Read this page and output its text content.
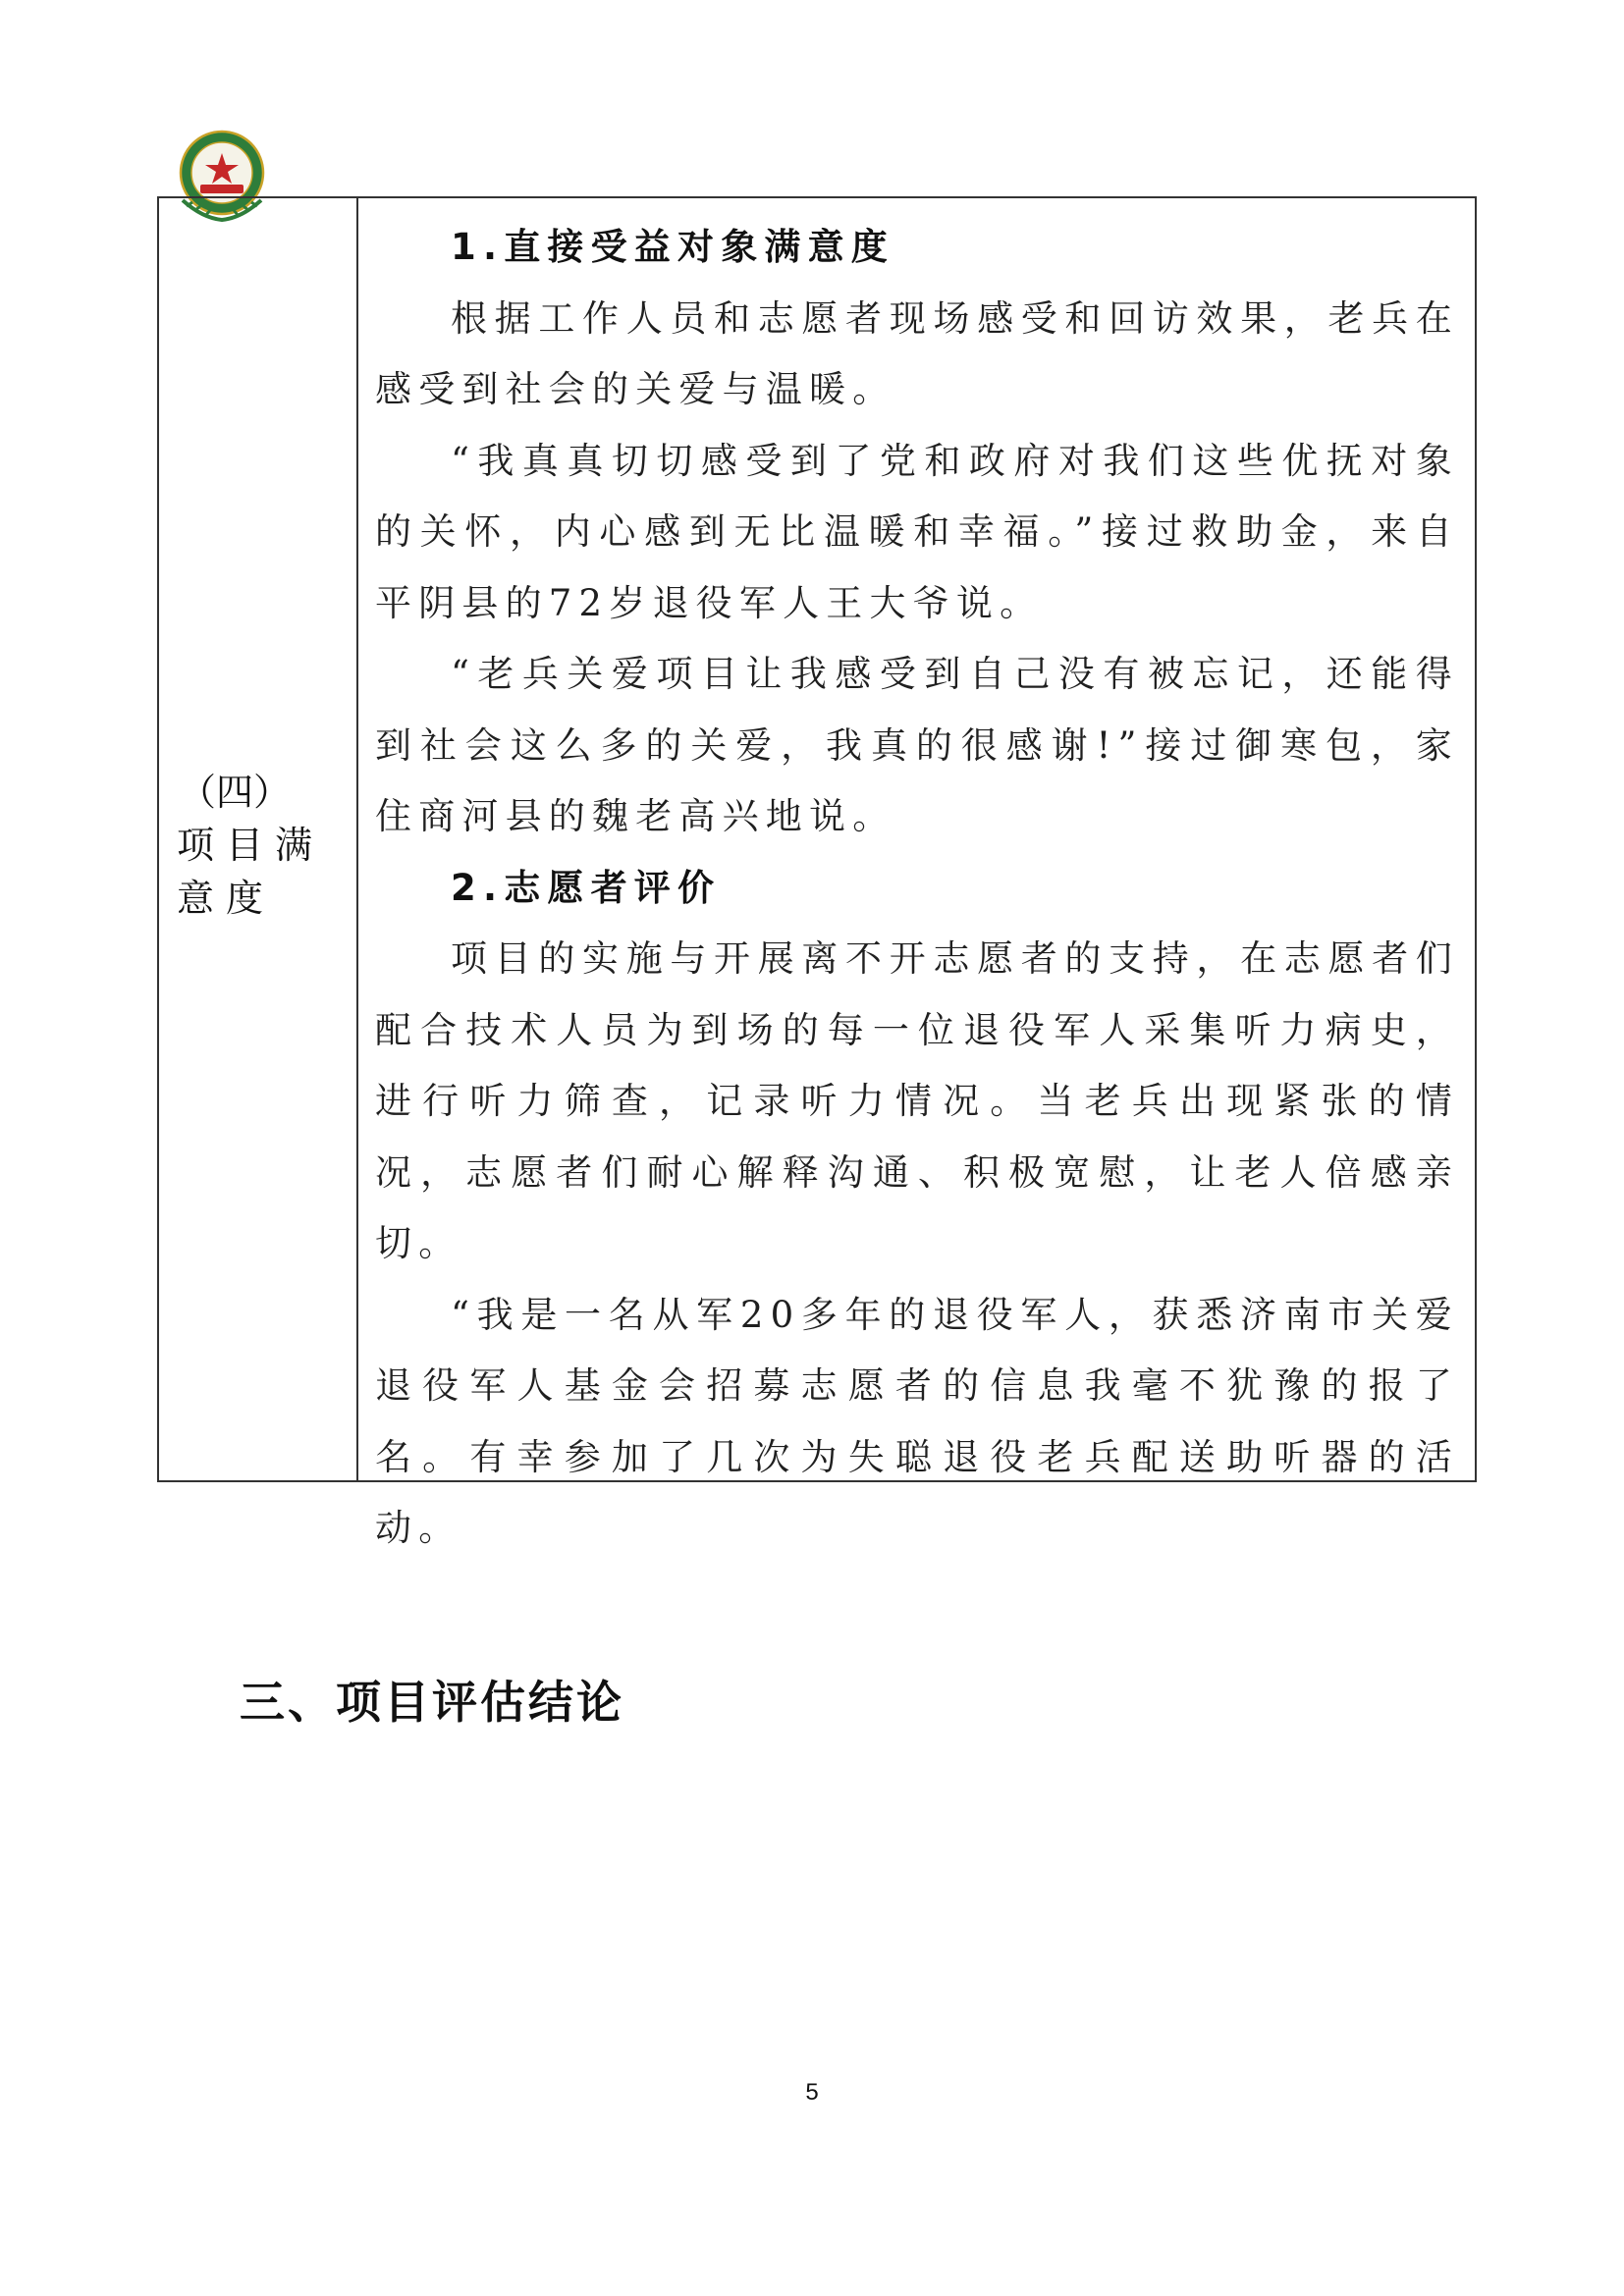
（四）
项目满意度

1.直接受益对象满意度

根据工作人员和志愿者现场感受和回访效果，老兵在感受到社会的关爱与温暖。

“我真真切切感受到了党和政府对我们这些优抚对象的关怀，内心感到无比温暖和幸福。”接过救助金，来自平阴县的72岁退役军人王大爷说。

“老兵关爱项目让我感受到自己没有被忘记，还能得到社会这么多的关爱，我真的很感谢!”接过御寒包，家住商河县的魏老高兴地说。

2.志愿者评价

项目的实施与开展离不开志愿者的支持，在志愿者们配合技术人员为到场的每一位退役军人采集听力病史，进行听力筛查，记录听力情况。当老兵出现紧张的情况，志愿者们耐心解释沟通、积极宽慰，让老人倍感亲切。

“我是一名从军20多年的退役军人，获悉济南市关爱退役军人基金会招募志愿者的信息我毫不犹豫的报了名。有幸参加了几次为失聪退役老兵配送助听器的活动。

三、项目评估结论
5
